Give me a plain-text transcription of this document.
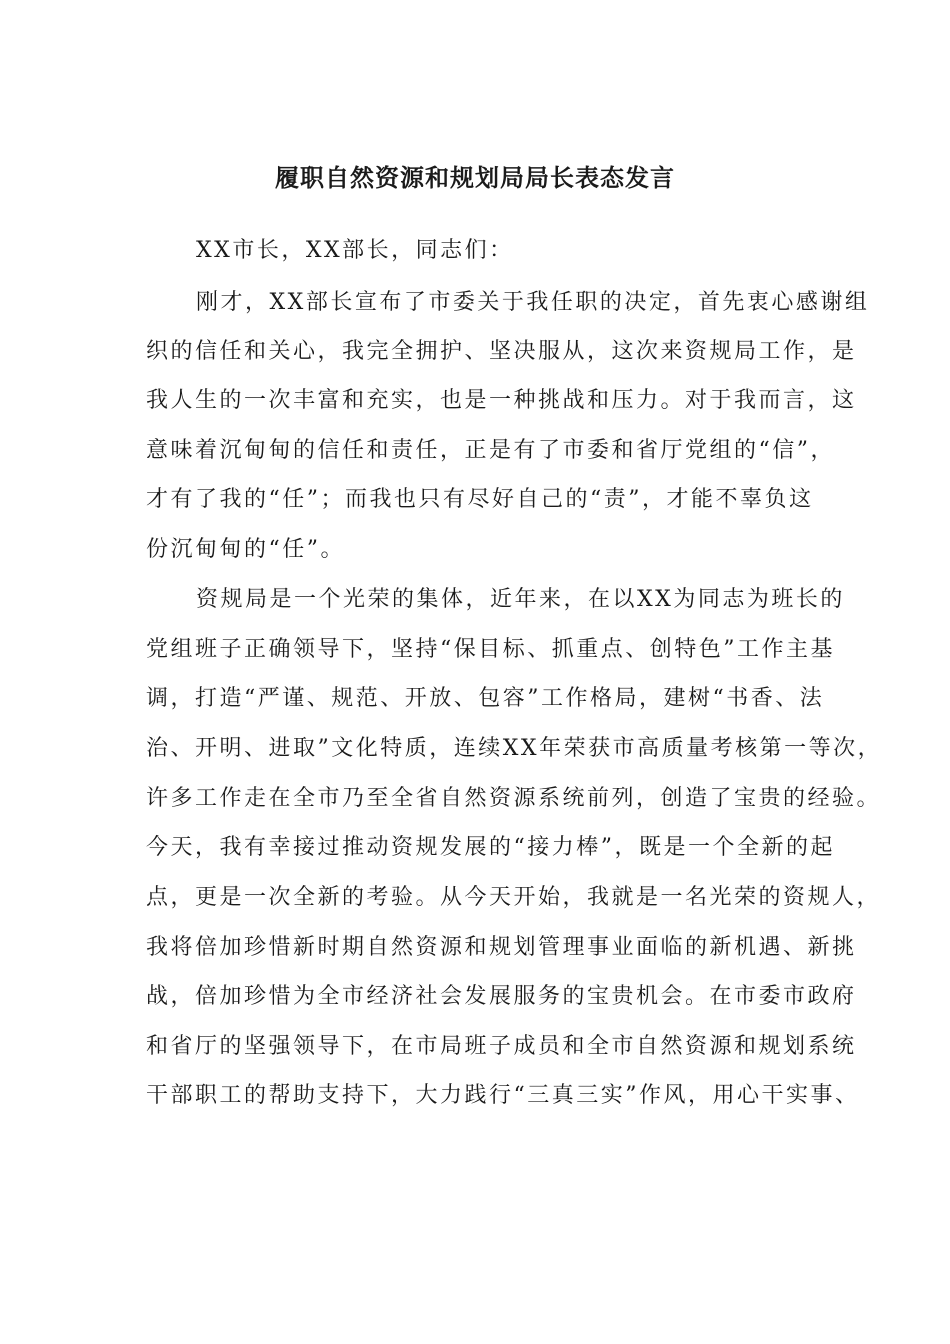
履职自然资源和规划局局长表态发言

XX市长，XX部长，同志们：

刚才，XX部长宣布了市委关于我任职的决定，首先衷心感谢组

织的信任和关心，我完全拥护、坚决服从，这次来资规局工作，是

我人生的一次丰富和充实，也是一种挑战和压力。对于我而言，这

意味着沉甸甸的信任和责任，正是有了市委和省厅党组的“信”，

才有了我的“任”；而我也只有尽好自己的“责”，才能不辜负这

份沉甸甸的“任”。

资规局是一个光荣的集体，近年来，在以XX为同志为班长的

党组班子正确领导下，坚持“保目标、抓重点、创特色”工作主基

调，打造“严谨、规范、开放、包容”工作格局，建树“书香、法

治、开明、进取”文化特质，连续XX年荣获市高质量考核第一等次，

许多工作走在全市乃至全省自然资源系统前列，创造了宝贵的经验。

今天，我有幸接过推动资规发展的“接力棒”，既是一个全新的起

点，更是一次全新的考验。从今天开始，我就是一名光荣的资规人，

我将倍加珍惜新时期自然资源和规划管理事业面临的新机遇、新挑

战，倍加珍惜为全市经济社会发展服务的宝贵机会。在市委市政府

和省厅的坚强领导下，在市局班子成员和全市自然资源和规划系统

干部职工的帮助支持下，大力践行“三真三实”作风，用心干实事、
